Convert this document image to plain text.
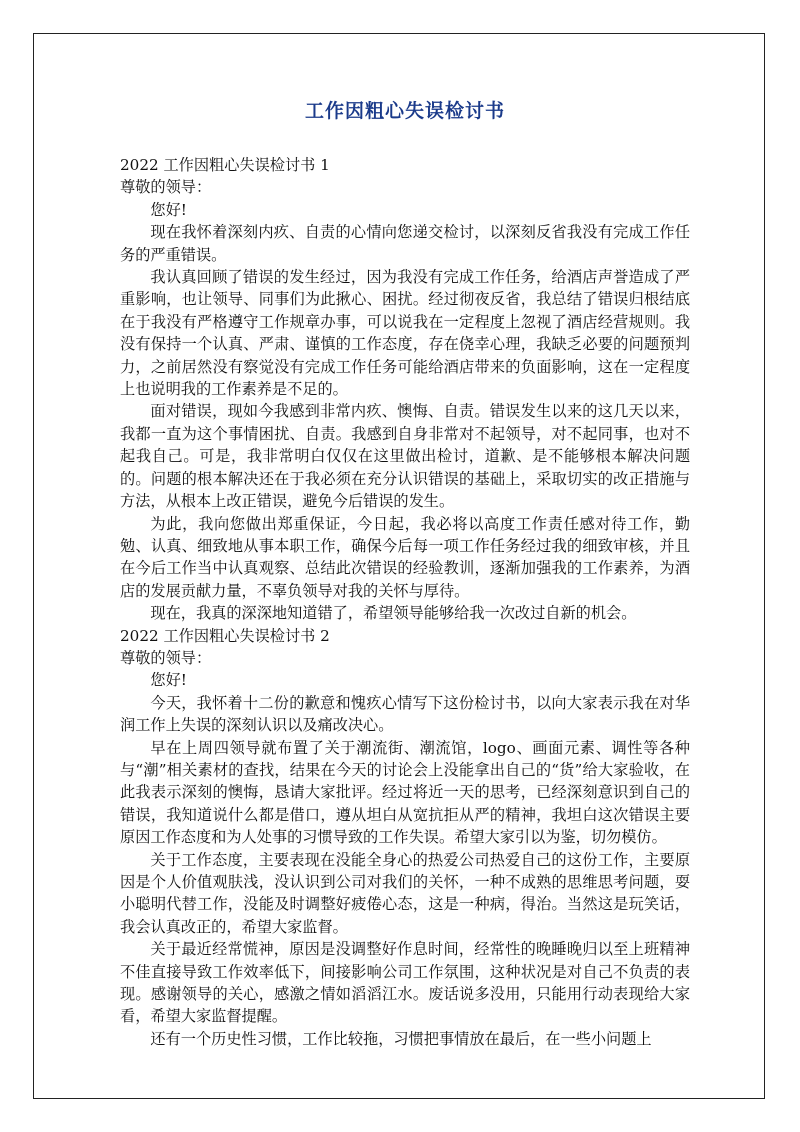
工作因粗心失误检讨书

2022 工作因粗心失误检讨书 1

尊敬的领导：

您好!

现在我怀着深刻内疚、自责的心情向您递交检讨，以深刻反省我没有完成工作任务的严重错误。

我认真回顾了错误的发生经过，因为我没有完成工作任务，给酒店声誉造成了严重影响，也让领导、同事们为此揪心、困扰。经过彻夜反省，我总结了错误归根结底在于我没有严格遵守工作规章办事，可以说我在一定程度上忽视了酒店经营规则。我没有保持一个认真、严肃、谨慎的工作态度，存在侥幸心理，我缺乏必要的问题预判力，之前居然没有察觉没有完成工作任务可能给酒店带来的负面影响，这在一定程度上也说明我的工作素养是不足的。

面对错误，现如今我感到非常内疚、懊悔、自责。错误发生以来的这几天以来，我都一直为这个事情困扰、自责。我感到自身非常对不起领导，对不起同事，也对不起我自己。可是，我非常明白仅仅在这里做出检讨，道歉、是不能够根本解决问题的。问题的根本解决还在于我必须在充分认识错误的基础上，采取切实的改正措施与方法，从根本上改正错误，避免今后错误的发生。

为此，我向您做出郑重保证，今日起，我必将以高度工作责任感对待工作，勤勉、认真、细致地从事本职工作，确保今后每一项工作任务经过我的细致审核，并且在今后工作当中认真观察、总结此次错误的经验教训，逐渐加强我的工作素养，为酒店的发展贡献力量，不辜负领导对我的关怀与厚待。

现在，我真的深深地知道错了，希望领导能够给我一次改过自新的机会。

2022 工作因粗心失误检讨书 2

尊敬的领导：

您好!

今天，我怀着十二份的歉意和愧疚心情写下这份检讨书，以向大家表示我在对华润工作上失误的深刻认识以及痛改决心。

早在上周四领导就布置了关于潮流街、潮流馆，logo、画面元素、调性等各种与“潮”相关素材的查找，结果在今天的讨论会上没能拿出自己的“货”给大家验收，在此我表示深刻的懊悔，恳请大家批评。经过将近一天的思考，已经深刻意识到自己的错误，我知道说什么都是借口，遵从坦白从宽抗拒从严的精神，我坦白这次错误主要原因工作态度和为人处事的习惯导致的工作失误。希望大家引以为鉴，切勿模仿。

关于工作态度，主要表现在没能全身心的热爱公司热爱自己的这份工作，主要原因是个人价值观肤浅，没认识到公司对我们的关怀，一种不成熟的思维思考问题，耍小聪明代替工作，没能及时调整好疲倦心态，这是一种病，得治。当然这是玩笑话，我会认真改正的，希望大家监督。

关于最近经常慌神，原因是没调整好作息时间，经常性的晚睡晚归以至上班精神不佳直接导致工作效率低下，间接影响公司工作氛围，这种状况是对自己不负责的表现。感谢领导的关心，感激之情如滔滔江水。废话说多没用，只能用行动表现给大家看，希望大家监督提醒。

还有一个历史性习惯，工作比较拖，习惯把事情放在最后，在一些小问题上
